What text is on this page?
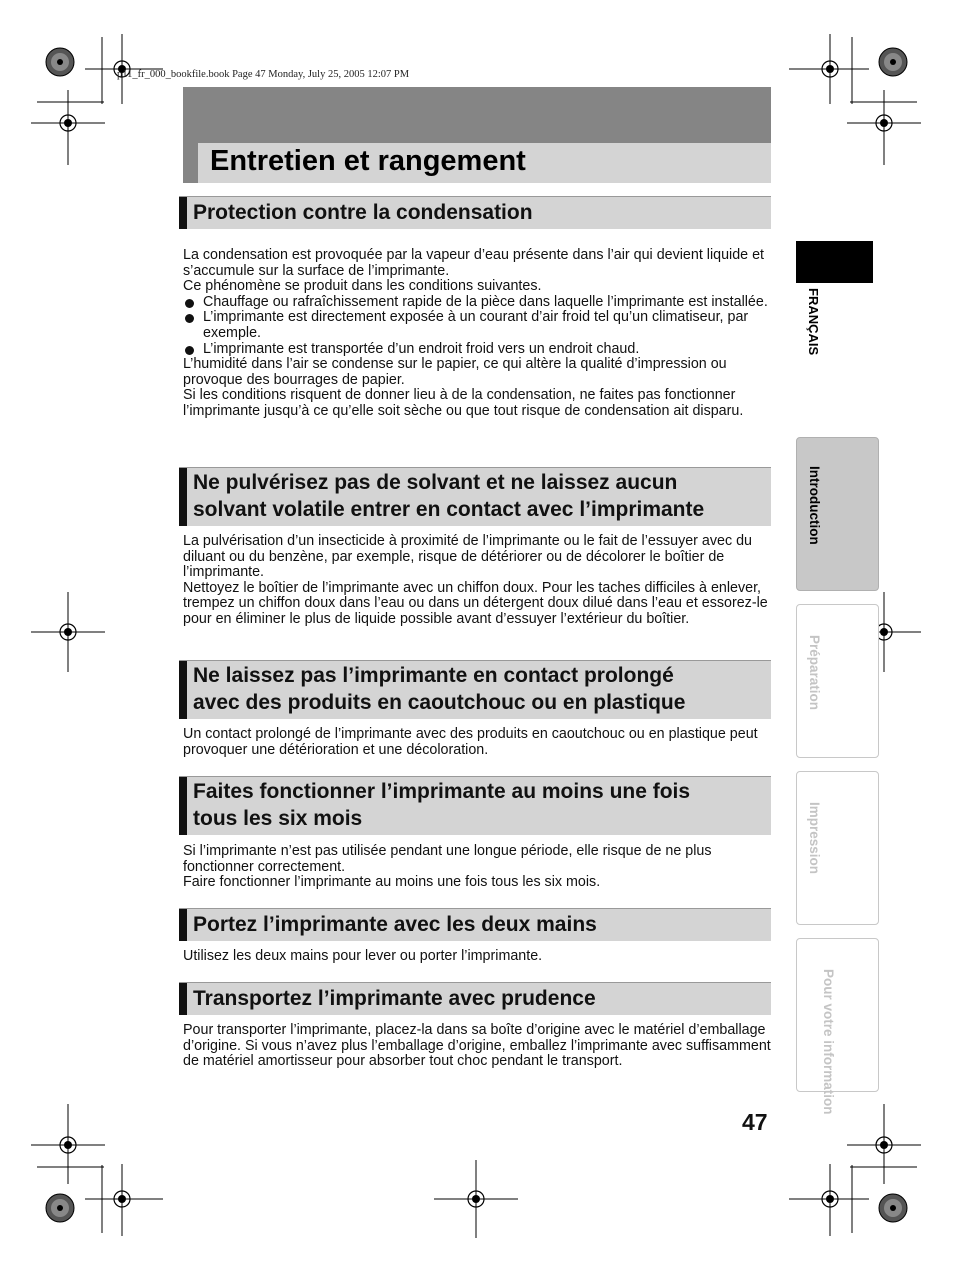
p11_fr_000_bookfile.book Page 47 Monday, July 25, 2005 12:07 PM
Entretien et rangement
Protection contre la condensation

La condensation est provoquée par la vapeur d’eau présente dans l’air qui devient liquide et s’accumule sur la surface de l’imprimante.

Ce phénomène se produit dans les conditions suivantes.

Chauffage ou rafraîchissement rapide de la pièce dans laquelle l’imprimante est installée.
L’imprimante est directement exposée à un courant d’air froid tel qu’un climatiseur, par exemple.
L’imprimante est transportée d’un endroit froid vers un endroit chaud.

L’humidité dans l’air se condense sur le papier, ce qui altère la qualité d’impression ou provoque des bourrages de papier.

Si les conditions risquent de donner lieu à de la condensation, ne faites pas fonctionner l’imprimante jusqu’à ce qu’elle soit sèche ou que tout risque de condensation ait disparu.

Ne pulvérisez pas de solvant et ne laissez aucun
solvant volatile entrer en contact avec l’imprimante

La pulvérisation d’un insecticide à proximité de l’imprimante ou le fait de l’essuyer avec du diluant ou du benzène, par exemple, risque de détériorer ou de décolorer le boîtier de l’imprimante.

Nettoyez le boîtier de l’imprimante avec un chiffon doux. Pour les taches difficiles à enlever, trempez un chiffon doux dans l’eau ou dans un détergent doux dilué dans l’eau et essorez-le pour en éliminer le plus de liquide possible avant d’essuyer l’extérieur du boîtier.

Ne laissez pas l’imprimante en contact prolongé
avec des produits en caoutchouc ou en plastique

Un contact prolongé de l’imprimante avec des produits en caoutchouc ou en plastique peut provoquer une détérioration et une décoloration.

Faites fonctionner l’imprimante au moins une fois
tous les six mois

Si l’imprimante n’est pas utilisée pendant une longue période, elle risque de ne plus fonctionner correctement.

Faire fonctionner l’imprimante au moins une fois tous les six mois.

Portez l’imprimante avec les deux mains

Utilisez les deux mains pour lever ou porter l’imprimante.

Transportez l’imprimante avec prudence

Pour transporter l’imprimante, placez-la dans sa boîte d’origine avec le matériel d’emballage d’origine. Si vous n’avez plus l’emballage d’origine, emballez l’imprimante avec suffisamment de matériel amortisseur pour absorber tout choc pendant le transport.

47
FRANÇAIS
Introduction
Préparation
Impression
Pour votre information
